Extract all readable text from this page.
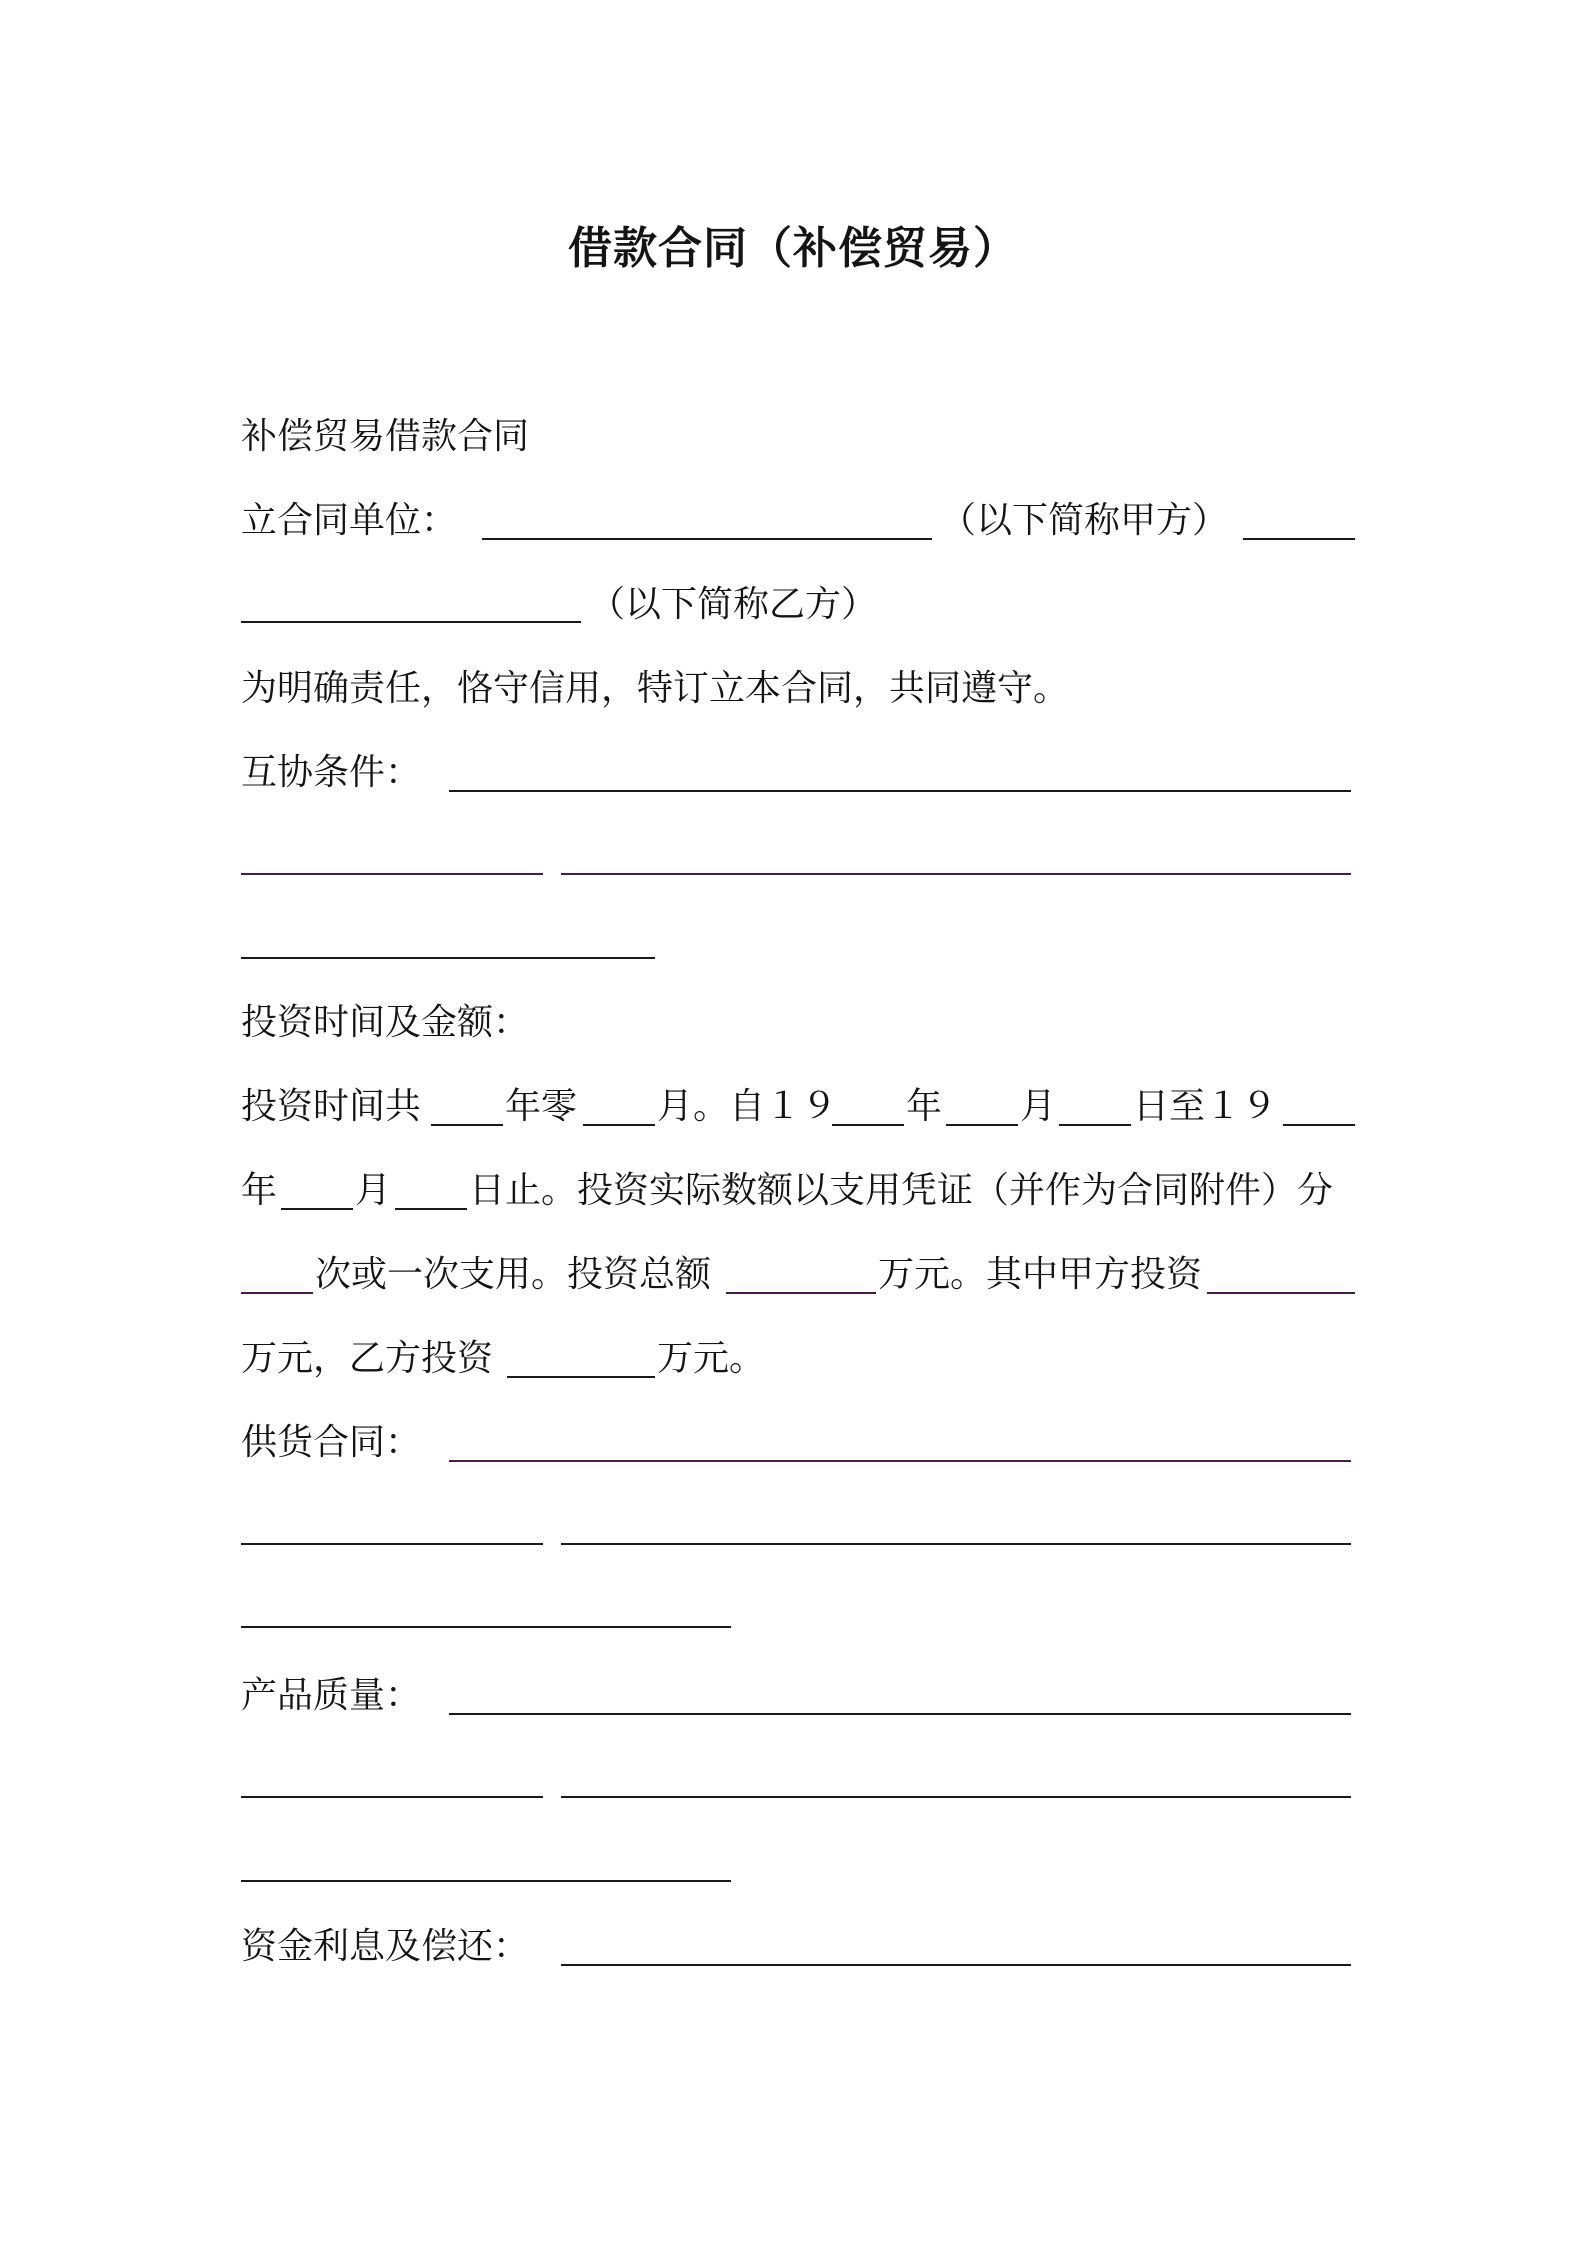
借款合同（补偿贸易）
补偿贸易借款合同
立合同单位：	（以下简称甲方）
（以下简称乙方）
为明确责任，恪守信用，特订立本合同，共同遵守。
互协条件：
投资时间及金额：
投资时间共 年零 月。自１９ 年 月 日至１９
年 月 日止。投资实际数额以支用凭证（并作为合同附件）分
次或一次支用。投资总额	万元。其中甲方投资
万元，乙方投资	万元。
供货合同：
产品质量：
资金利息及偿还：
